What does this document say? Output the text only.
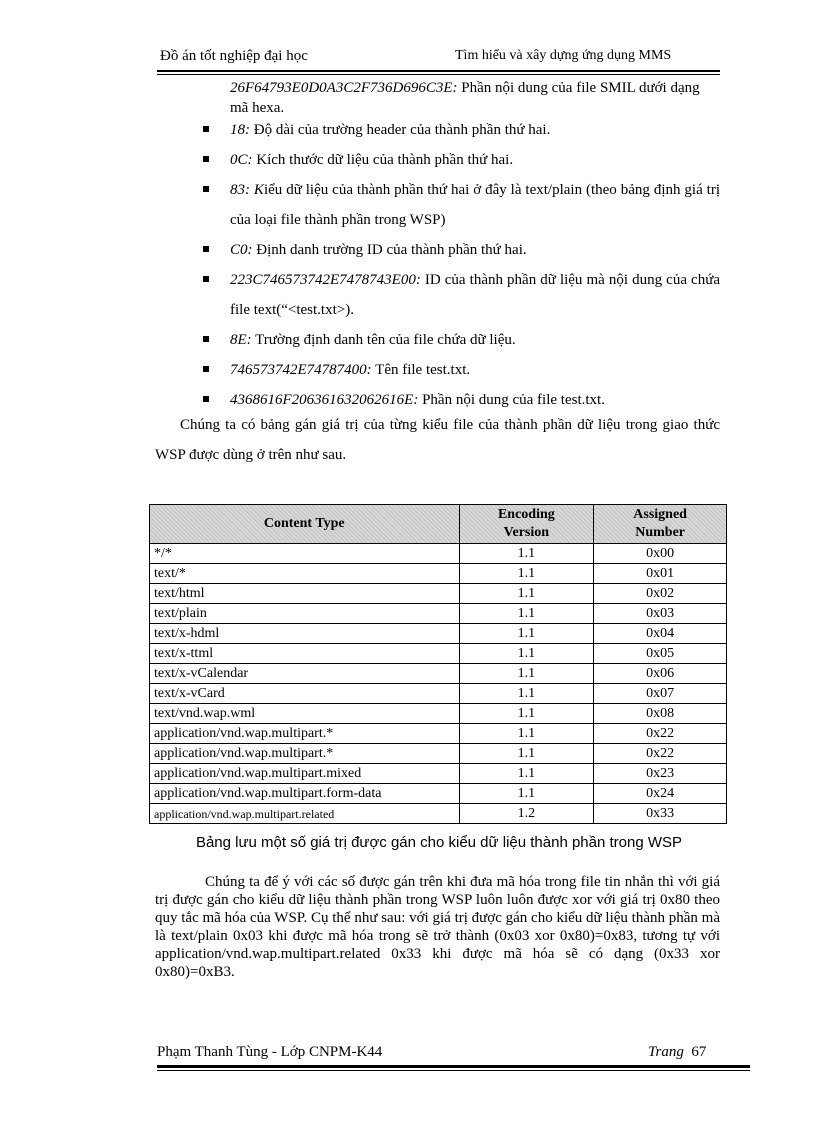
Đồ án tốt nghiệp đại học	Tìm hiểu và xây dựng ứng dụng MMS
26F64793E0D0A3C2F736D696C3E: Phần nội dung của file SMIL dưới dạng mã hexa.
18: Độ dài của trường header của thành phần thứ hai.
0C: Kích thước dữ liệu của thành phần thứ hai.
83: Kiểu dữ liệu của thành phần thứ hai ở đây là text/plain (theo bảng định giá trị của loại file thành phần trong WSP)
C0: Định danh trường ID của thành phần thứ hai.
223C746573742E7478743E00: ID của thành phần dữ liệu mà nội dung của chứa file text(“<test.txt>).
8E: Trường định danh tên của file chứa dữ liệu.
746573742E74787400: Tên file test.txt.
4368616F206361632062616E: Phần nội dung của file test.txt.
Chúng ta có bảng gán giá trị của từng kiểu file của thành phần dữ liệu trong giao thức WSP được dùng ở trên như sau.
Content Type	Encoding Version	Assigned Number
*/*	1.1	0x00
text/*	1.1	0x01
text/html	1.1	0x02
text/plain	1.1	0x03
text/x-hdml	1.1	0x04
text/x-ttml	1.1	0x05
text/x-vCalendar	1.1	0x06
text/x-vCard	1.1	0x07
text/vnd.wap.wml	1.1	0x08
application/vnd.wap.multipart.*	1.1	0x22
application/vnd.wap.multipart.*	1.1	0x22
application/vnd.wap.multipart.mixed	1.1	0x23
application/vnd.wap.multipart.form-data	1.1	0x24
application/vnd.wap.multipart.related	1.2	0x33
Bảng lưu một số giá trị được gán cho kiểu dữ liệu thành phần trong WSP
Chúng ta để ý với các số được gán trên khi đưa mã hóa trong file tin nhắn thì với giá trị được gán cho kiểu dữ liệu thành phần trong WSP luôn luôn được xor với giá trị 0x80 theo quy tắc mã hóa của WSP. Cụ thể như sau: với giá trị được gán cho kiểu dữ liệu thành phần mà là text/plain 0x03 khi được mã hóa trong sẽ trở thành (0x03 xor 0x80)=0x83, tương tự với application/vnd.wap.multipart.related 0x33 khi được mã hóa sẽ có dạng (0x33 xor 0x80)=0xB3.
Phạm Thanh Tùng - Lớp CNPM-K44	Trang 67
